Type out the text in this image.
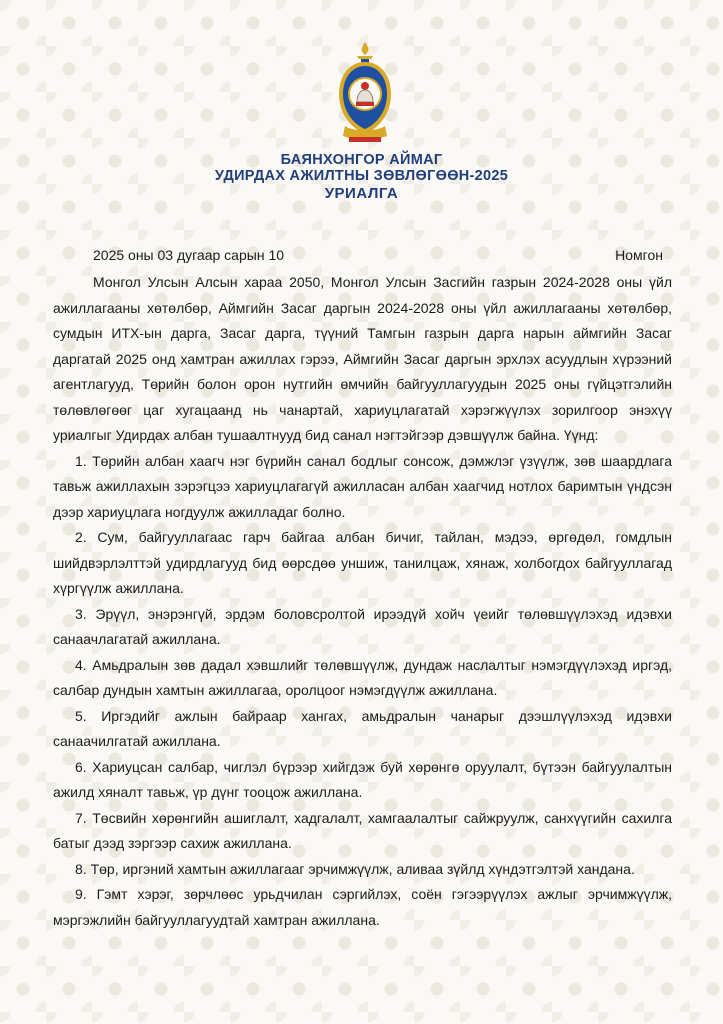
БАЯНХОНГОР АЙМАГ
УДИРДАХ АЖИЛТНЫ ЗӨВЛӨГӨӨН-2025
УРИАЛГА
2025 оны 03 дугаар сарын 10	Номгон

Монгол Улсын Алсын хараа 2050, Монгол Улсын Засгийн газрын 2024-2028 оны үйл ажиллагааны хөтөлбөр, Аймгийн Засаг даргын 2024-2028 оны үйл ажиллагааны хөтөлбөр, сумдын ИТХ-ын дарга, Засаг дарга, түүний Тамгын газрын дарга нарын аймгийн Засаг даргатай 2025 онд хамтран ажиллах гэрээ, Аймгийн Засаг даргын эрхлэх асуудлын хүрээний агентлагууд, Төрийн болон орон нутгийн өмчийн байгууллагуудын 2025 оны гүйцэтгэлийн төлөвлөгөөг цаг хугацаанд нь чанартай, хариуцлагатай хэрэгжүүлэх зорилгоор энэхүү уриалгыг Удирдах албан тушаалтнууд бид санал нэгтэйгээр дэвшүүлж байна. Үүнд:

1. Төрийн албан хаагч нэг бүрийн санал бодлыг сонсож, дэмжлэг үзүүлж, зөв шаардлага тавьж ажиллахын зэрэгцээ хариуцлагагүй ажилласан албан хаагчид нотлох баримтын үндсэн дээр хариуцлага ногдуулж ажилладаг болно.

2. Сум, байгууллагаас гарч байгаа албан бичиг, тайлан, мэдээ, өргөдөл, гомдлын шийдвэрлэлттэй удирдлагууд бид өөрсдөө уншиж, танилцаж, хянаж, холбогдох байгууллагад хүргүүлж ажиллана.

3. Эрүүл, энэрэнгүй, эрдэм боловсролтой ирээдүй хойч үеийг төлөвшүүлэхэд идэвхи санаачлагатай ажиллана.

4. Амьдралын зөв дадал хэвшлийг төлөвшүүлж, дундаж наслалтыг нэмэгдүүлэхэд иргэд, салбар дундын хамтын ажиллагаа, оролцоог нэмэгдүүлж ажиллана.

5. Иргэдийг ажлын байраар хангах, амьдралын чанарыг дээшлүүлэхэд идэвхи санаачилгатай ажиллана.

6. Хариуцсан салбар, чиглэл бүрээр хийгдэж буй хөрөнгө оруулалт, бүтээн байгуулалтын ажилд хяналт тавьж, үр дүнг тооцож ажиллана.

7. Төсвийн хөрөнгийн ашиглалт, хадгалалт, хамгаалалтыг сайжруулж, санхүүгийн сахилга батыг дээд зэргээр сахиж ажиллана.

8. Төр, иргэний хамтын ажиллагааг эрчимжүүлж, аливаа зүйлд хүндэтгэлтэй хандана.

9. Гэмт хэрэг, зөрчлөөс урьдчилан сэргийлэх, соён гэгээрүүлэх ажлыг эрчимжүүлж, мэргэжлийн байгууллагуудтай хамтран ажиллана.
